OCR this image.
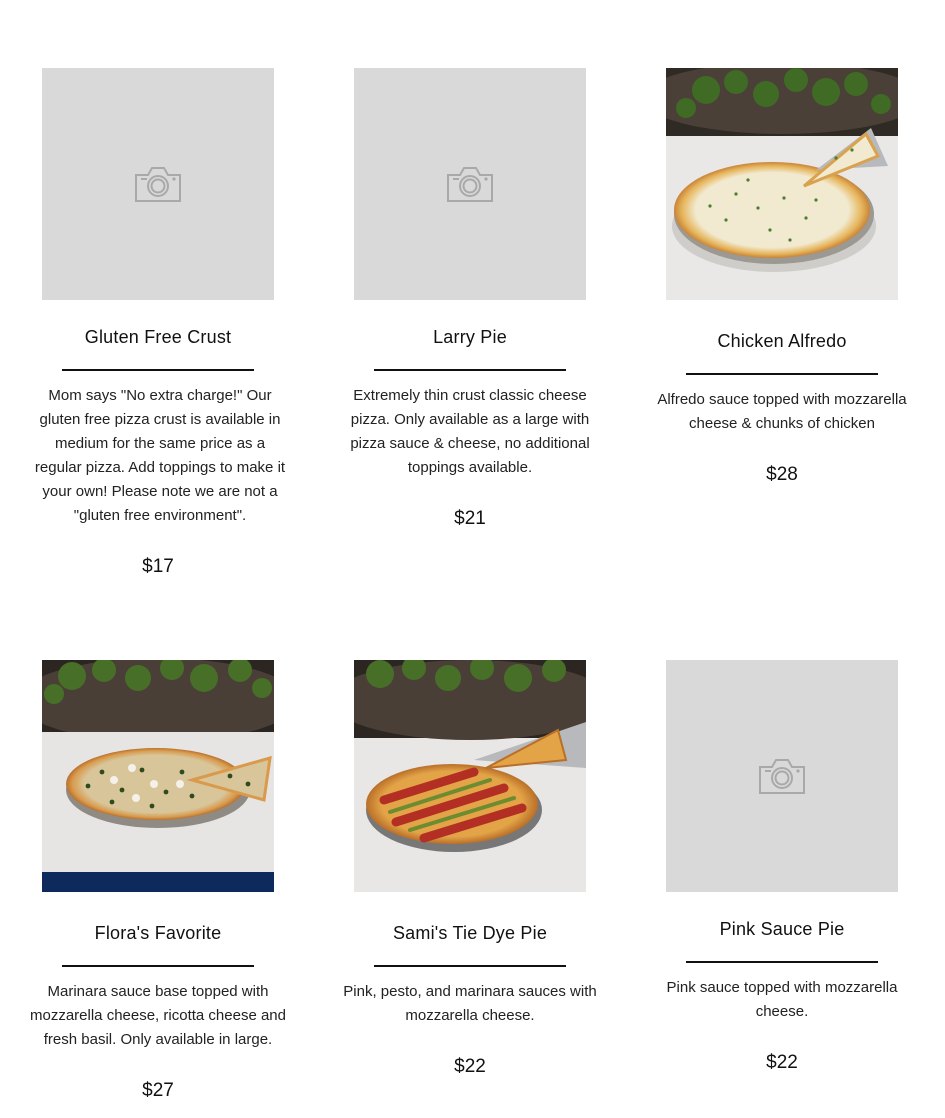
Gluten Free Crust
Mom says "No extra charge!" Our gluten free pizza crust is available in medium for the same price as a regular pizza. Add toppings to make it your own! Please note we are not a "gluten free environment".
$17
Larry Pie
Extremely thin crust classic cheese pizza. Only available as a large with pizza sauce & cheese, no additional toppings available.
$21
Chicken Alfredo
Alfredo sauce topped with mozzarella cheese & chunks of chicken
$28
Flora's Favorite
Marinara sauce base topped with mozzarella cheese, ricotta cheese and fresh basil. Only available in large.
$27
Sami's Tie Dye Pie
Pink, pesto, and marinara sauces with mozzarella cheese.
$22
Pink Sauce Pie
Pink sauce topped with mozzarella cheese.
$22
